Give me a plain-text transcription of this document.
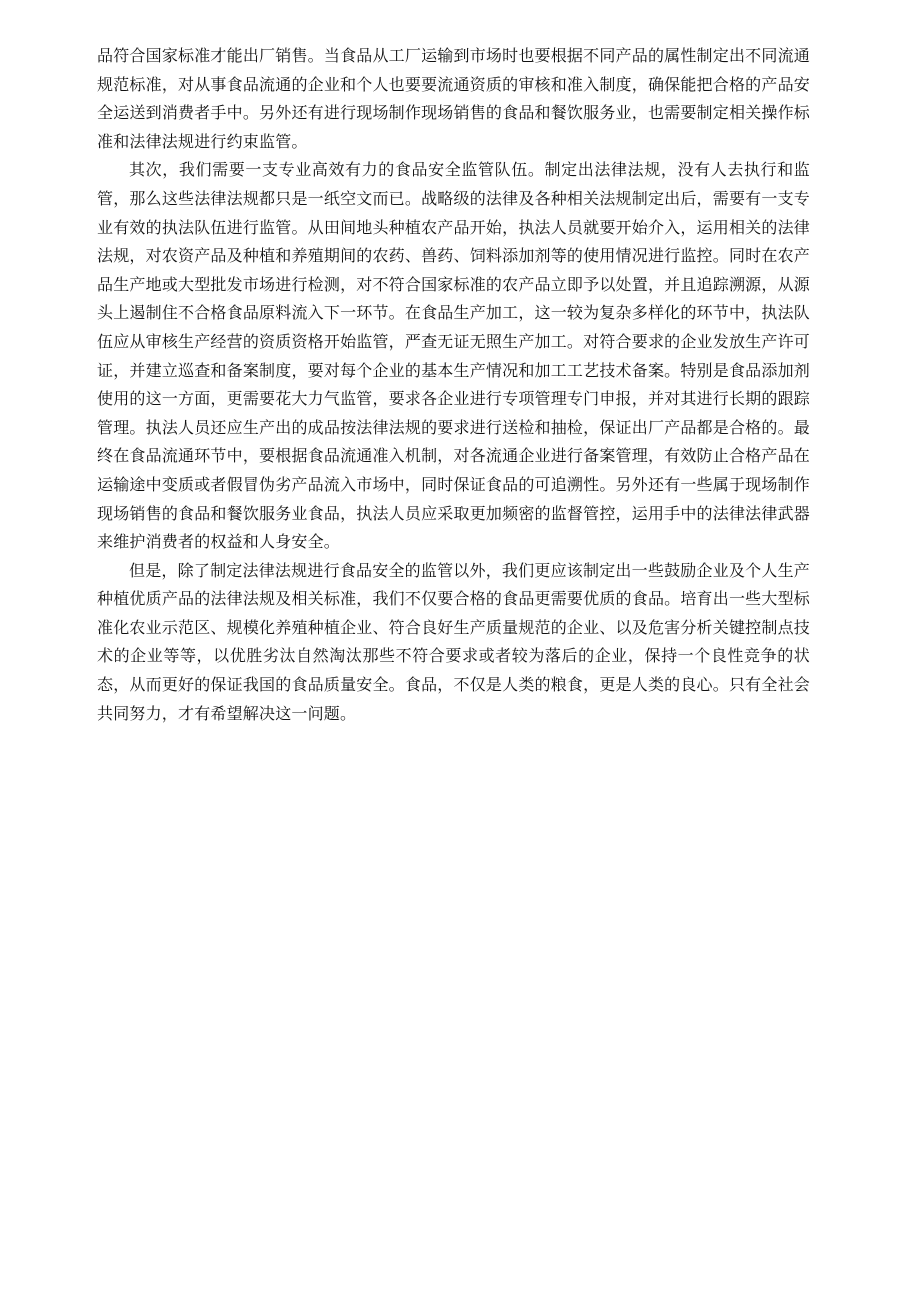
品符合国家标准才能出厂销售。当食品从工厂运输到市场时也要根据不同产品的属性制定出不同流通规范标准，对从事食品流通的企业和个人也要要流通资质的审核和准入制度，确保能把合格的产品安全运送到消费者手中。另外还有进行现场制作现场销售的食品和餐饮服务业，也需要制定相关操作标准和法律法规进行约束监管。

其次，我们需要一支专业高效有力的食品安全监管队伍。制定出法律法规，没有人去执行和监管，那么这些法律法规都只是一纸空文而已。战略级的法律及各种相关法规制定出后，需要有一支专业有效的执法队伍进行监管。从田间地头种植农产品开始，执法人员就要开始介入，运用相关的法律法规，对农资产品及种植和养殖期间的农药、兽药、饲料添加剂等的使用情况进行监控。同时在农产品生产地或大型批发市场进行检测，对不符合国家标准的农产品立即予以处置，并且追踪溯源，从源头上遏制住不合格食品原料流入下一环节。在食品生产加工，这一较为复杂多样化的环节中，执法队伍应从审核生产经营的资质资格开始监管，严查无证无照生产加工。对符合要求的企业发放生产许可证，并建立巡查和备案制度，要对每个企业的基本生产情况和加工工艺技术备案。特别是食品添加剂使用的这一方面，更需要花大力气监管，要求各企业进行专项管理专门申报，并对其进行长期的跟踪管理。执法人员还应生产出的成品按法律法规的要求进行送检和抽检，保证出厂产品都是合格的。最终在食品流通环节中，要根据食品流通准入机制，对各流通企业进行备案管理，有效防止合格产品在运输途中变质或者假冒伪劣产品流入市场中，同时保证食品的可追溯性。另外还有一些属于现场制作现场销售的食品和餐饮服务业食品，执法人员应采取更加频密的监督管控，运用手中的法律法律武器来维护消费者的权益和人身安全。

但是，除了制定法律法规进行食品安全的监管以外，我们更应该制定出一些鼓励企业及个人生产种植优质产品的法律法规及相关标准，我们不仅要合格的食品更需要优质的食品。培育出一些大型标准化农业示范区、规模化养殖种植企业、符合良好生产质量规范的企业、以及危害分析关键控制点技术的企业等等，以优胜劣汰自然淘汰那些不符合要求或者较为落后的企业，保持一个良性竞争的状态，从而更好的保证我国的食品质量安全。食品，不仅是人类的粮食，更是人类的良心。只有全社会共同努力，才有希望解决这一问题。
